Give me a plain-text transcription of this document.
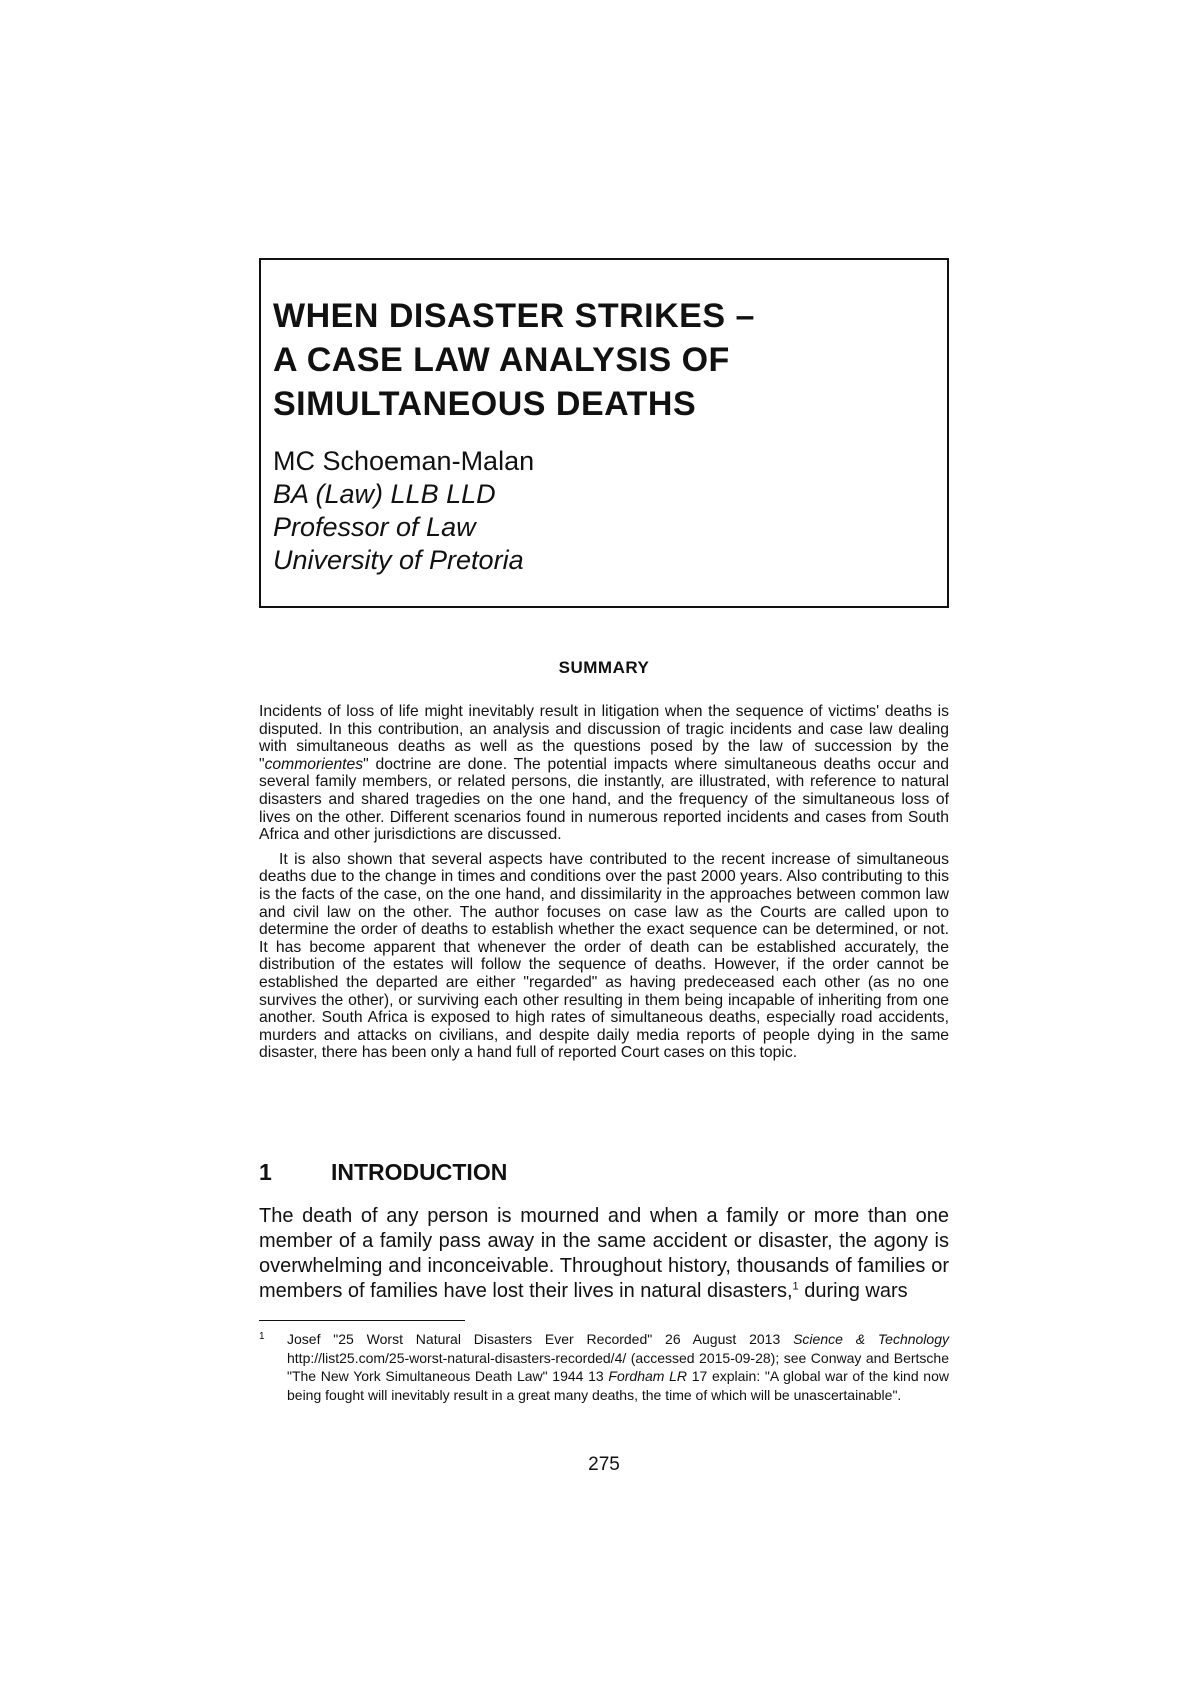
WHEN DISASTER STRIKES –
A CASE LAW ANALYSIS OF
SIMULTANEOUS DEATHS
MC Schoeman-Malan
BA (Law) LLB LLD
Professor of Law
University of Pretoria
SUMMARY

Incidents of loss of life might inevitably result in litigation when the sequence of victims' deaths is disputed. In this contribution, an analysis and discussion of tragic incidents and case law dealing with simultaneous deaths as well as the questions posed by the law of succession by the "commorientes" doctrine are done. The potential impacts where simultaneous deaths occur and several family members, or related persons, die instantly, are illustrated, with reference to natural disasters and shared tragedies on the one hand, and the frequency of the simultaneous loss of lives on the other. Different scenarios found in numerous reported incidents and cases from South Africa and other jurisdictions are discussed.

It is also shown that several aspects have contributed to the recent increase of simultaneous deaths due to the change in times and conditions over the past 2000 years. Also contributing to this is the facts of the case, on the one hand, and dissimilarity in the approaches between common law and civil law on the other. The author focuses on case law as the Courts are called upon to determine the order of deaths to establish whether the exact sequence can be determined, or not. It has become apparent that whenever the order of death can be established accurately, the distribution of the estates will follow the sequence of deaths. However, if the order cannot be established the departed are either "regarded" as having predeceased each other (as no one survives the other), or surviving each other resulting in them being incapable of inheriting from one another. South Africa is exposed to high rates of simultaneous deaths, especially road accidents, murders and attacks on civilians, and despite daily media reports of people dying in the same disaster, there has been only a hand full of reported Court cases on this topic.

1	INTRODUCTION
The death of any person is mourned and when a family or more than one member of a family pass away in the same accident or disaster, the agony is overwhelming and inconceivable. Throughout history, thousands of families or members of families have lost their lives in natural disasters,$^1$ during wars
1 Josef "25 Worst Natural Disasters Ever Recorded" 26 August 2013 Science & Technology http://list25.com/25-worst-natural-disasters-recorded/4/ (accessed 2015-09-28); see Conway and Bertsche "The New York Simultaneous Death Law" 1944 13 Fordham LR 17 explain: "A global war of the kind now being fought will inevitably result in a great many deaths, the time of which will be unascertainable".
275
